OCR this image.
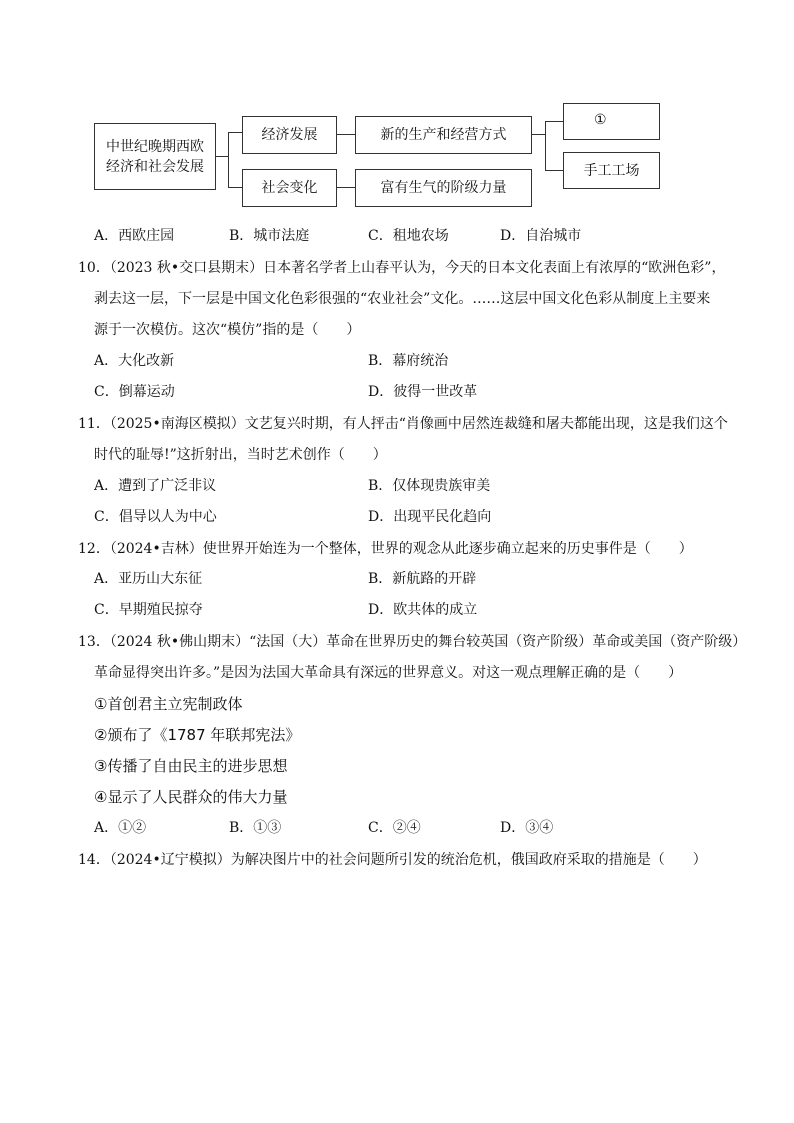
中世纪晚期西欧
经济和社会发展
经济发展
社会变化
新的生产和经营方式
富有生气的阶级力量
①
手工工场
A．西欧庄园	B．城市法庭	C．租地农场	D．自治城市
10．（2023 秋•交口县期末）日本著名学者上山春平认为，今天的日本文化表面上有浓厚的“欧洲色彩”，
剥去这一层，下一层是中国文化色彩很强的“农业社会”文化。……这层中国文化色彩从制度上主要来
源于一次模仿。这次“模仿”指的是（　　）
A．大化改新	B．幕府统治
C．倒幕运动	D．彼得一世改革
11．（2025•南海区模拟）文艺复兴时期，有人抨击“肖像画中居然连裁缝和屠夫都能出现，这是我们这个
时代的耻辱!”这折射出，当时艺术创作（　　）
A．遭到了广泛非议	B．仅体现贵族审美
C．倡导以人为中心	D．出现平民化趋向
12．（2024•吉林）使世界开始连为一个整体，世界的观念从此逐步确立起来的历史事件是（　　）
A．亚历山大东征	B．新航路的开辟
C．早期殖民掠夺	D．欧共体的成立
13．（2024 秋•佛山期末）“法国（大）革命在世界历史的舞台较英国（资产阶级）革命或美国（资产阶级）
革命显得突出许多。”是因为法国大革命具有深远的世界意义。对这一观点理解正确的是（　　）
①首创君主立宪制政体
②颁布了《1787 年联邦宪法》
③传播了自由民主的进步思想
④显示了人民群众的伟大力量
A．①②	B．①③	C．②④	D．③④
14．（2024•辽宁模拟）为解决图片中的社会问题所引发的统治危机，俄国政府采取的措施是（　　）
